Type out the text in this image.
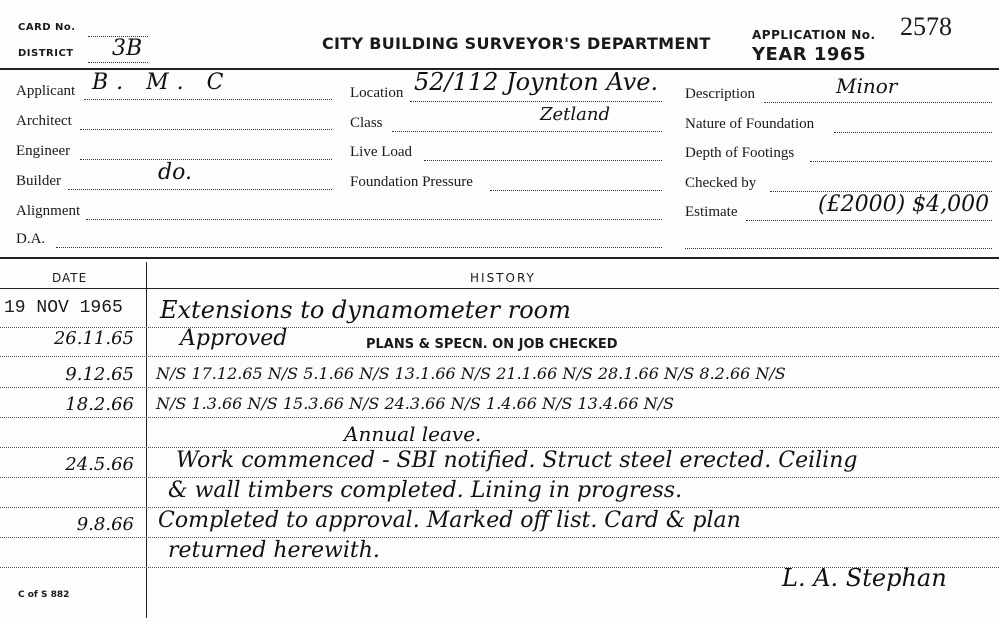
CARD No.
DISTRICT 3B	CITY BUILDING SURVEYOR'S DEPARTMENT	APPLICATION No. 2578
YEAR 1965
Applicant B. M. C
Architect
Engineer
Builder	do.
Alignment
D.A.
Location 52/112 Joynton Ave.
Class	Zetland
Live Load
Foundation Pressure
Description	Minor
Nature of Foundation
Depth of Footings
Checked by
Estimate	(£2000) $4,000
DATE	HISTORY
19 NOV 1965 Extensions to dynamometer room
26.11.65 Approved	PLANS & SPECN. ON JOB CHECKED
9.12.65 N/S 17.12.65 N/S 5.1.66 N/S 13.1.66 N/S 21.1.66 N/S 28.1.66 N/S 8.2.66 N/S
18.2.66 N/S 1.3.66 N/S 15.3.66 N/S 24.3.66 N/S 1.4.66 N/S 13.4.66 N/S
Annual leave.
24.5.66 Work commenced - SBI notified. Struct steel erected. Ceiling
& wall timbers completed. Lining in progress.
9.8.66 Completed to approval. Marked off list. Card & plan
returned herewith.
L. A. Stephan
C of S 882
